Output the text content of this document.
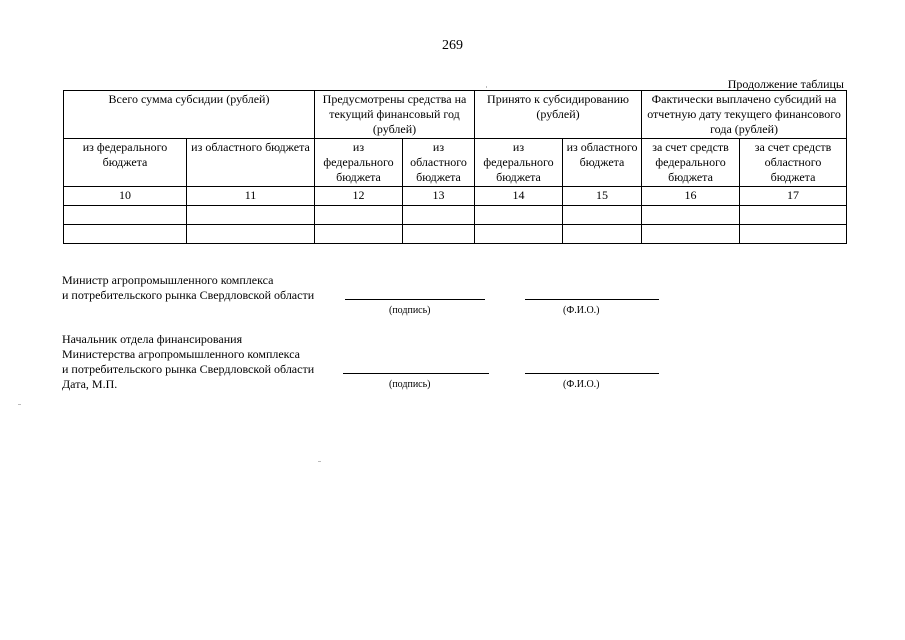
269
Продолжение таблицы
Всего сумма субсидии (рублей)		Предусмотрены средства на текущий финансовый год (рублей)		Принято к субсидированию (рублей)		Фактически выплачено субсидий на отчетную дату текущего финансового года (рублей)	
из федерального бюджета	из областного бюджета	из федерального бюджета	из областного бюджета	из федерального бюджета	из областного бюджета	за счет средств федерального бюджета	за счет средств областного бюджета
10	11	12	13	14	15	16	17

Министр агропромышленного комплекса
и потребительского рынка Свердловской области
(подпись)	(Ф.И.О.)
Начальник отдела финансирования
Министерства агропромышленного комплекса
и потребительского рынка Свердловской области
Дата, М.П.	(подпись)	(Ф.И.О.)
